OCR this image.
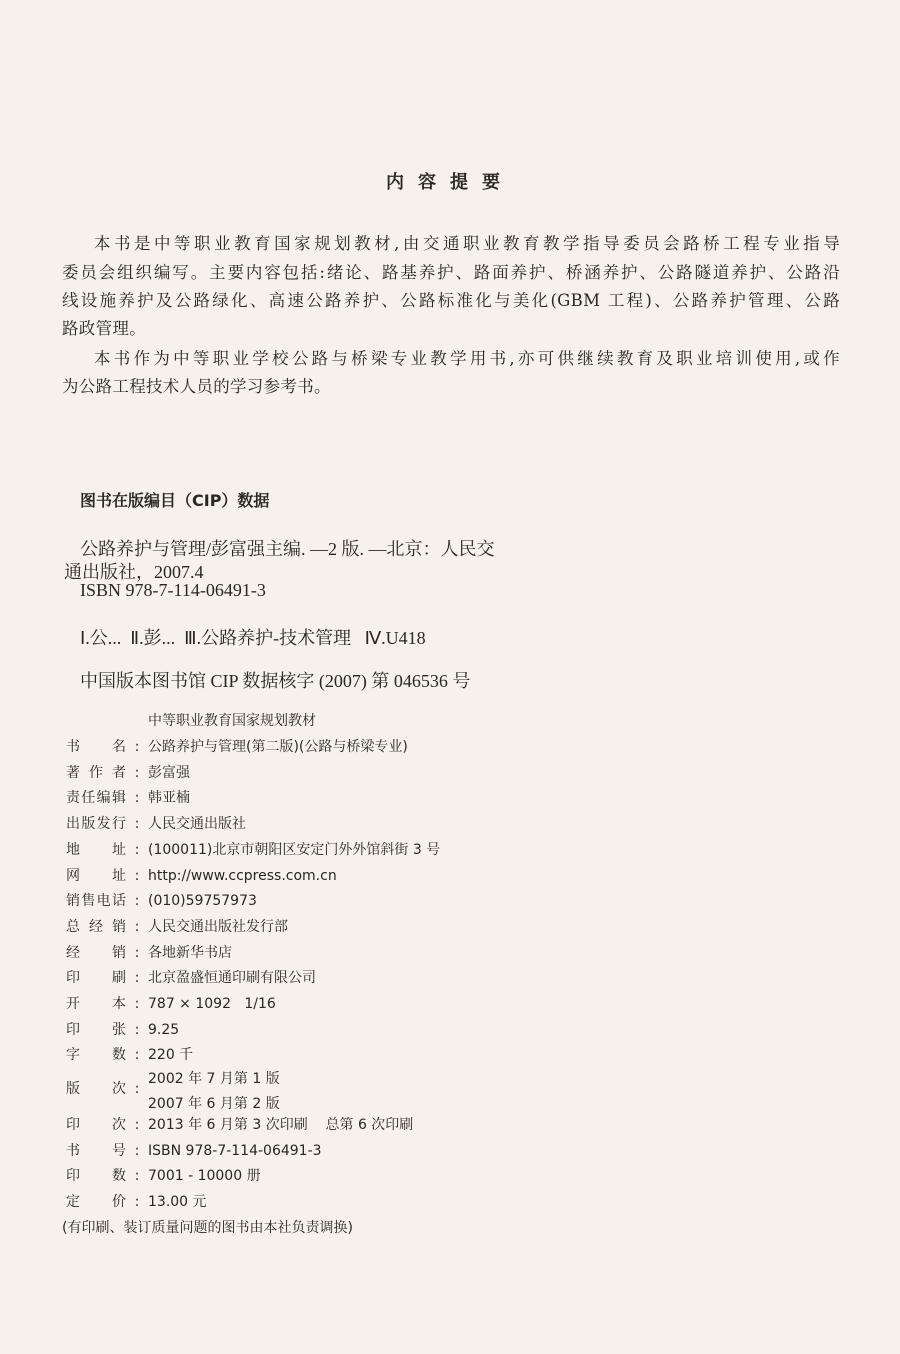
内容提要
本书是中等职业教育国家规划教材,由交通职业教育教学指导委员会路桥工程专业指导
委员会组织编写。主要内容包括:绪论、路基养护、路面养护、桥涵养护、公路隧道养护、公路沿
线设施养护及公路绿化、高速公路养护、公路标准化与美化(GBM 工程)、公路养护管理、公路
路政管理。
本书作为中等职业学校公路与桥梁专业教学用书,亦可供继续教育及职业培训使用,或作
为公路工程技术人员的学习参考书。
图书在版编目（CIP）数据
公路养护与管理/彭富强主编. —2 版. —北京：人民交
通出版社，2007.4
ISBN 978-7-114-06491-3
Ⅰ.公...  Ⅱ.彭...  Ⅲ.公路养护-技术管理   Ⅳ.U418
中国版本图书馆 CIP 数据核字 (2007) 第 046536 号
中等职业教育国家规划教材
书名 : 公路养护与管理(第二版)(公路与桥梁专业)
著作者 : 彭富强
责任编辑 : 韩亚楠
出版发行 : 人民交通出版社
地址 : (100011)北京市朝阳区安定门外外馆斜街 3 号
网址 : http://www.ccpress.com.cn
销售电话 : (010)59757973
总经销 : 人民交通出版社发行部
经销 : 各地新华书店
印刷 : 北京盈盛恒通印刷有限公司
开本 : 787 × 1092   1/16
印张 : 9.25
字数 : 220 千
版次 :
2002 年 7 月第 1 版
2007 年 6 月第 2 版
印次 : 2013 年 6 月第 3 次印刷    总第 6 次印刷
书号 : ISBN 978-7-114-06491-3
印数 : 7001 - 10000 册
定价 : 13.00 元
(有印刷、装订质量问题的图书由本社负责调换)
